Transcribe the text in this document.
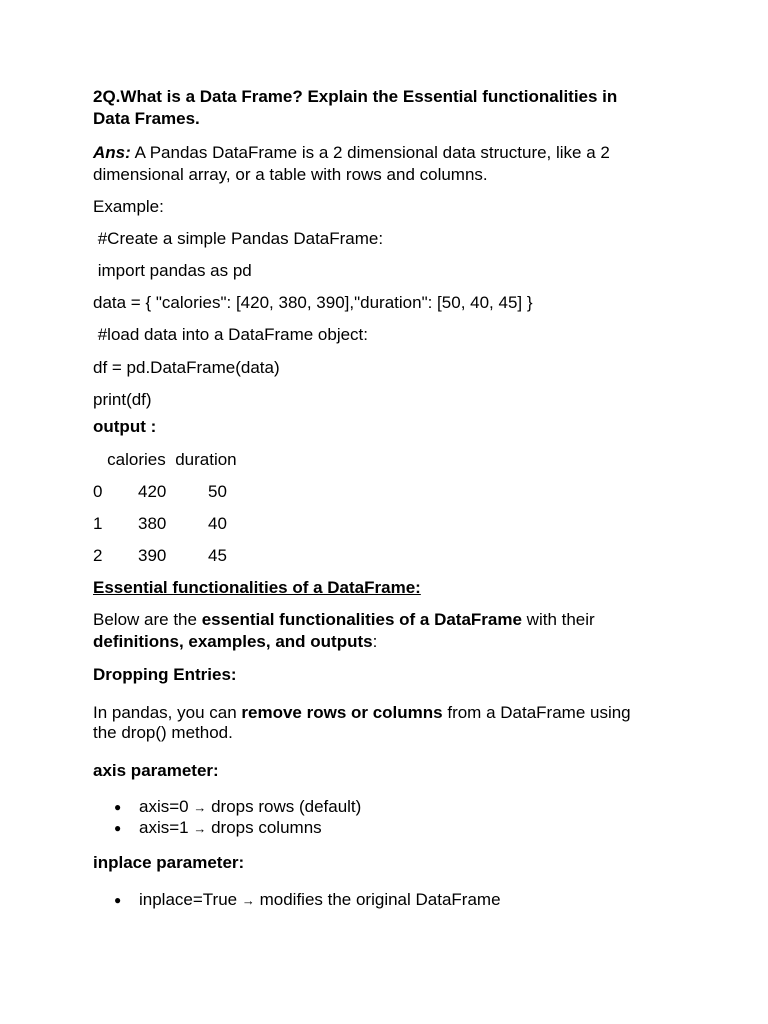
2Q.What is a Data Frame? Explain the Essential functionalities in
Data Frames.
Ans: A Pandas DataFrame is a 2 dimensional data structure, like a 2 dimensional array, or a table with rows and columns.
Example:
#Create a simple Pandas DataFrame:
import pandas as pd
data = { "calories": [420, 380, 390],"duration": [50, 40, 45] }
#load data into a DataFrame object:
df = pd.DataFrame(data)
print(df)
output :
calories  duration
0 420 50
1 380 40
2 390 45
Essential functionalities of a DataFrame:
Below are the essential functionalities of a DataFrame with their
definitions, examples, and outputs:
Dropping Entries:
In pandas, you can remove rows or columns from a DataFrame using
the drop() method.
axis parameter:
● axis=0 → drops rows (default)
● axis=1 → drops columns
inplace parameter:
● inplace=True → modifies the original DataFrame
